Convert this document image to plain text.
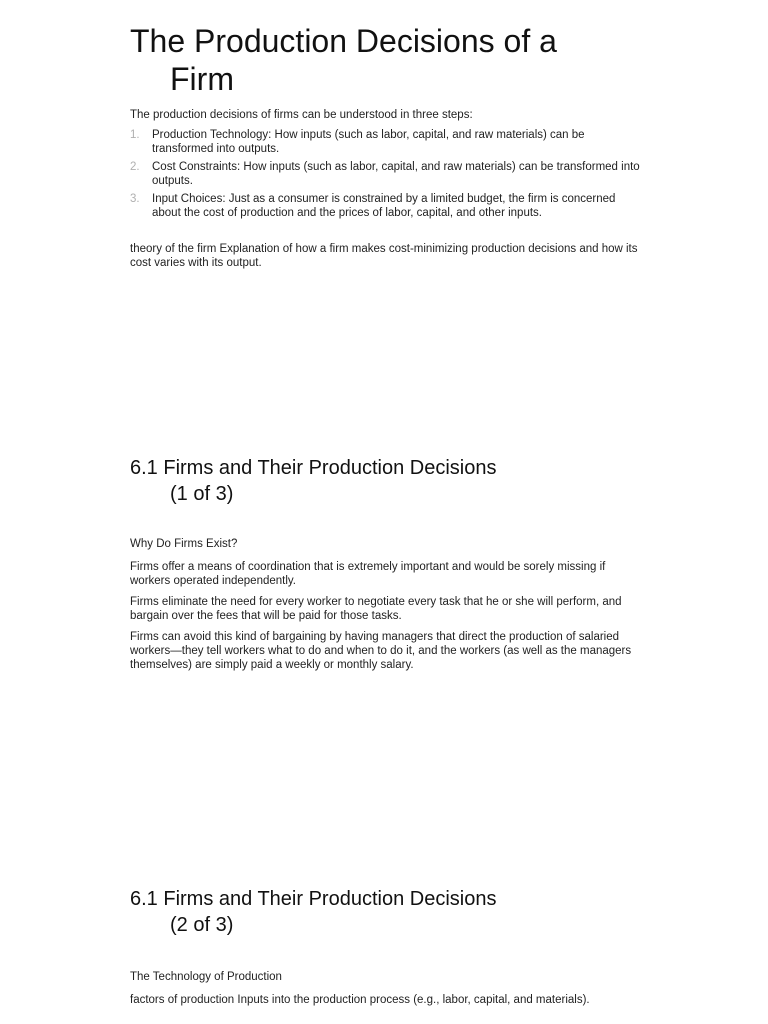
The Production Decisions of a
Firm

The production decisions of firms can be understood in three steps:

1. Production Technology: How inputs (such as labor, capital, and raw materials) can be transformed into outputs.
2. Cost Constraints: How inputs (such as labor, capital, and raw materials) can be transformed into outputs.
3. Input Choices: Just as a consumer is constrained by a limited budget, the firm is concerned about the cost of production and the prices of labor, capital, and other inputs.

theory of the firm Explanation of how a firm makes cost-minimizing production decisions and how its cost varies with its output.

6.1 Firms and Their Production Decisions
(1 of 3)

Why Do Firms Exist?

Firms offer a means of coordination that is extremely important and would be sorely missing if workers operated independently.

Firms eliminate the need for every worker to negotiate every task that he or she will perform, and bargain over the fees that will be paid for those tasks.

Firms can avoid this kind of bargaining by having managers that direct the production of salaried workers—they tell workers what to do and when to do it, and the workers (as well as the managers themselves) are simply paid a weekly or monthly salary.

6.1 Firms and Their Production Decisions
(2 of 3)

The Technology of Production

factors of production Inputs into the production process (e.g., labor, capital, and materials).
